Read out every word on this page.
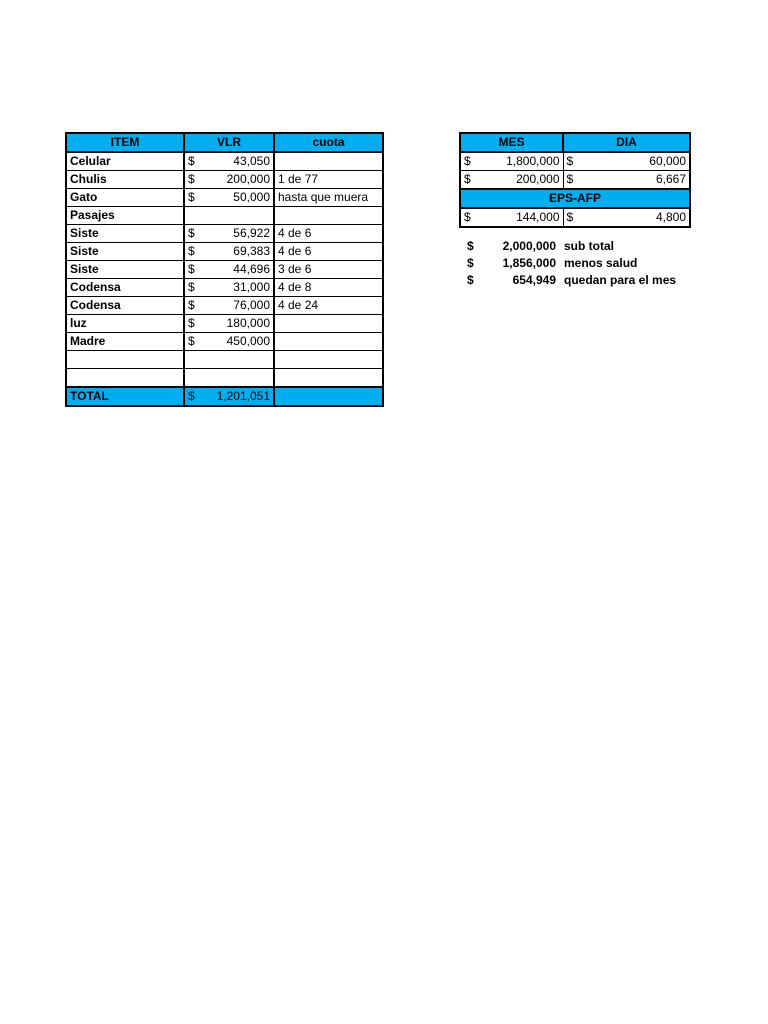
ITEM	VLR	cuota
Celular	$ 43,050	

Chulis	$ 200,000	1 de 77
Gato	$ 50,000	hasta que muera
Pasajes		
Siste	$ 56,922	4 de 6
Siste	$ 69,383	4 de 6
Siste	$ 44,696	3 de 6
Codensa	$ 31,000	4 de 8
Codensa	$ 76,000	4 de 24
luz	$ 180,000	

Madre	$ 450,000	

TOTAL	$ 1,201,051	

MES	DIA

$ 1,800,000	$ 60,000

$ 200,000	$ 6,667

EPS-AFP	

$ 144,000	$ 4,800
$	2,000,000 sub total
$	1,856,000 menos salud
$	654,949 quedan para el mes
